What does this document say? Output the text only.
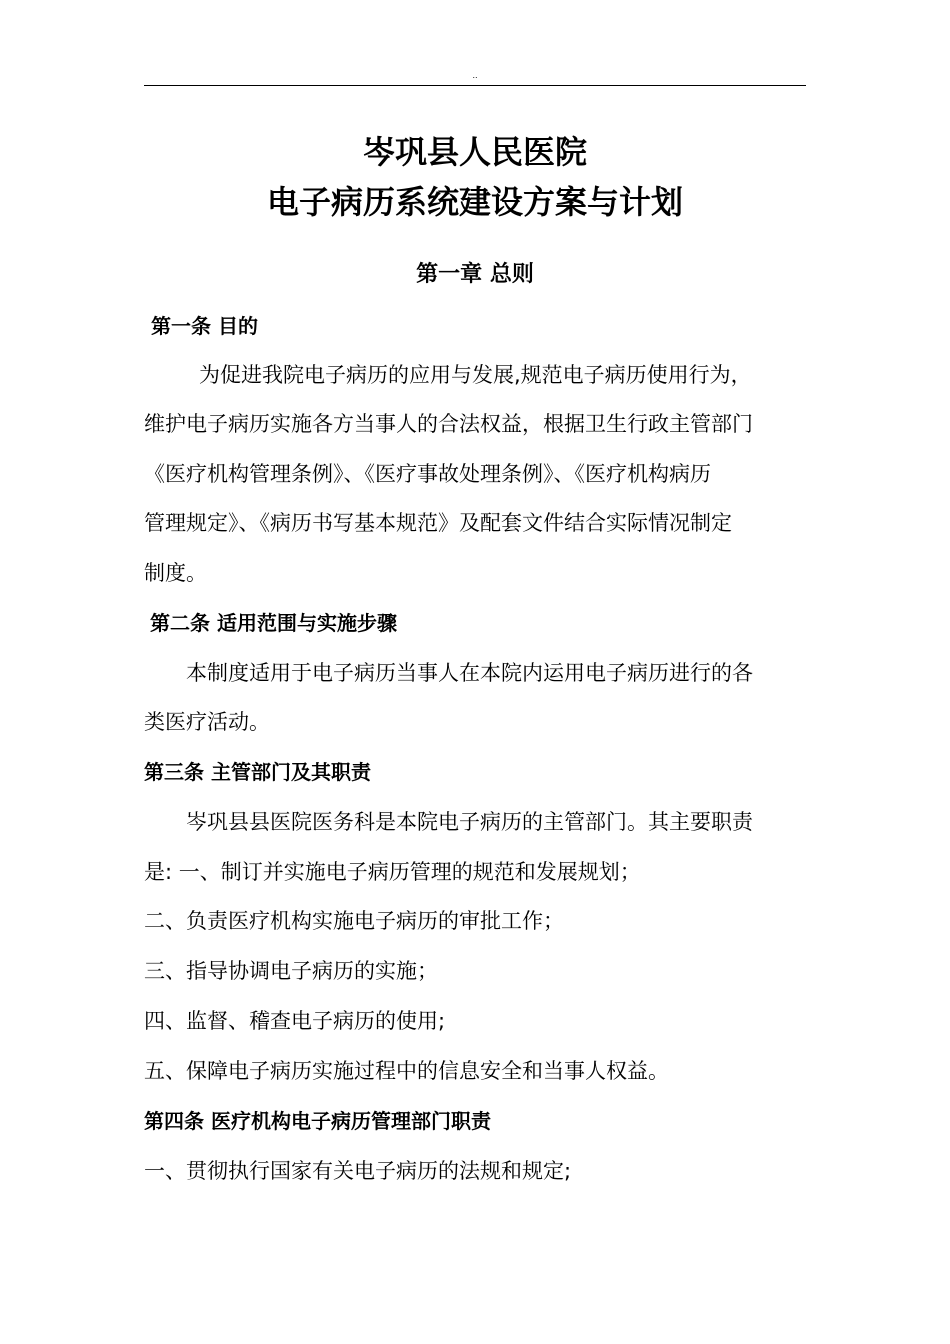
..
岑巩县人民医院
电子病历系统建设方案与计划
第一章 总则
第一条 目的
为促进我院电子病历的应用与发展,规范电子病历使用行为，
维护电子病历实施各方当事人的合法权益，根据卫生行政主管部门
《医疗机构管理条例》、《医疗事故处理条例》、《医疗机构病历
管理规定》、《病历书写基本规范》及配套文件结合实际情况制定
制度。
第二条 适用范围与实施步骤
本制度适用于电子病历当事人在本院内运用电子病历进行的各
类医疗活动。
第三条 主管部门及其职责
岑巩县县医院医务科是本院电子病历的主管部门。其主要职责
是: 一、制订并实施电子病历管理的规范和发展规划；
二、负责医疗机构实施电子病历的审批工作；
三、指导协调电子病历的实施；
四、监督、稽查电子病历的使用;
五、保障电子病历实施过程中的信息安全和当事人权益。
第四条 医疗机构电子病历管理部门职责
一、贯彻执行国家有关电子病历的法规和规定;
